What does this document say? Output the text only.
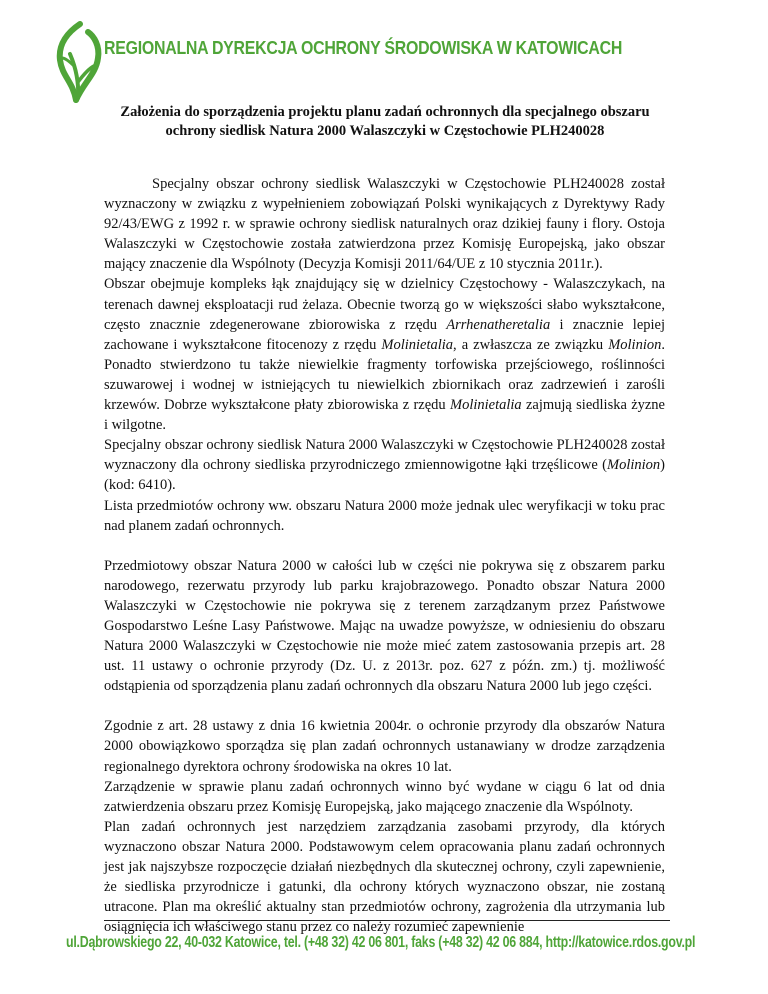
REGIONALNA DYREKCJA OCHRONY ŚRODOWISKA W KATOWICACH
Założenia do sporządzenia projektu planu zadań ochronnych dla specjalnego obszaru ochrony siedlisk Natura 2000 Walaszczyki w Częstochowie PLH240028

Specjalny obszar ochrony siedlisk Walaszczyki w Częstochowie PLH240028 został wyznaczony w związku z wypełnieniem zobowiązań Polski wynikających z Dyrektywy Rady 92/43/EWG z 1992 r. w sprawie ochrony siedlisk naturalnych oraz dzikiej fauny i flory. Ostoja Walaszczyki w Częstochowie została zatwierdzona przez Komisję Europejską, jako obszar mający znaczenie dla Wspólnoty (Decyzja Komisji 2011/64/UE z 10 stycznia 2011r.).

Obszar obejmuje kompleks łąk znajdujący się w dzielnicy Częstochowy - Walaszczykach, na terenach dawnej eksploatacji rud żelaza. Obecnie tworzą go w większości słabo wykształcone, często znacznie zdegenerowane zbiorowiska z rzędu Arrhenatheretalia i znacznie lepiej zachowane i wykształcone fitocenozy z rzędu Molinietalia, a zwłaszcza ze związku Molinion. Ponadto stwierdzono tu także niewielkie fragmenty torfowiska przejściowego, roślinności szuwarowej i wodnej w istniejących tu niewielkich zbiornikach oraz zadrzewień i zarośli krzewów. Dobrze wykształcone płaty zbiorowiska z rzędu Molinietalia zajmują siedliska żyzne i wilgotne.

Specjalny obszar ochrony siedlisk Natura 2000 Walaszczyki w Częstochowie PLH240028 został wyznaczony dla ochrony siedliska przyrodniczego zmiennowigotne łąki trzęślicowe (Molinion) (kod: 6410).

Lista przedmiotów ochrony ww. obszaru Natura 2000 może jednak ulec weryfikacji w toku prac nad planem zadań ochronnych.

Przedmiotowy obszar Natura 2000 w całości lub w części nie pokrywa się z obszarem parku narodowego, rezerwatu przyrody lub parku krajobrazowego. Ponadto obszar Natura 2000 Walaszczyki w Częstochowie nie pokrywa się z terenem zarządzanym przez Państwowe Gospodarstwo Leśne Lasy Państwowe. Mając na uwadze powyższe, w odniesieniu do obszaru Natura 2000 Walaszczyki w Częstochowie nie może mieć zatem zastosowania przepis art. 28 ust. 11 ustawy o ochronie przyrody (Dz. U. z 2013r. poz. 627 z późn. zm.) tj. możliwość odstąpienia od sporządzenia planu zadań ochronnych dla obszaru Natura 2000 lub jego części.

Zgodnie z art. 28 ustawy z dnia 16 kwietnia 2004r. o ochronie przyrody dla obszarów Natura 2000 obowiązkowo sporządza się plan zadań ochronnych ustanawiany w drodze zarządzenia regionalnego dyrektora ochrony środowiska na okres 10 lat.

Zarządzenie w sprawie planu zadań ochronnych winno być wydane w ciągu 6 lat od dnia zatwierdzenia obszaru przez Komisję Europejską, jako mającego znaczenie dla Wspólnoty.

Plan zadań ochronnych jest narzędziem zarządzania zasobami przyrody, dla których wyznaczono obszar Natura 2000. Podstawowym celem opracowania planu zadań ochronnych jest jak najszybsze rozpoczęcie działań niezbędnych dla skutecznej ochrony, czyli zapewnienie, że siedliska przyrodnicze i gatunki, dla ochrony których wyznaczono obszar, nie zostaną utracone. Plan ma określić aktualny stan przedmiotów ochrony, zagrożenia dla utrzymania lub osiągnięcia ich właściwego stanu przez co należy rozumieć zapewnienie

ul.Dąbrowskiego 22, 40-032 Katowice, tel. (+48 32) 42 06 801, faks (+48 32) 42 06 884, http://katowice.rdos.gov.pl
